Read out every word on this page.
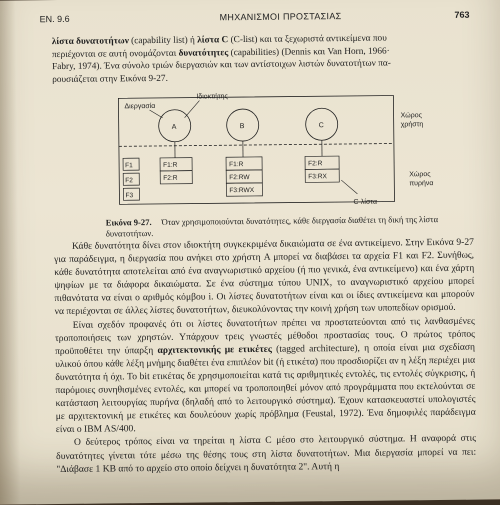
ΕΝ. 9.6	ΜΗΧΑΝΙΣΜΟΙ ΠΡΟΣΤΑΣΙΑΣ	763
λίστα δυνατοτήτων (capability list) ή λίστα C (C-list) και τα ξεχωριστά αντικείμενα που
περιέχονται σε αυτή ονομάζονται δυνατότητες (capabilities) (Dennis και Van Horn, 1966·
Fabry, 1974). Ένα σύνολο τριών διεργασιών και των αντίστοιχων λιστών δυνατοτήτων πα-
ρουσιάζεται στην Εικόνα 9-27.
Διεργασία
Ιδιοκτήτης
A	B	C
Χώρος
χρήστη
Χώρος
πυρήνα
F1
F2
F3
F1:R
F2:R
F1:R
F2:RW
F3:RWX
F2:R
F3:RX
C-λίστα
Εικόνα 9-27. Όταν χρησιμοποιούνται δυνατότητες, κάθε διεργασία διαθέτει τη δική της λίστα δυνατοτήτων.

Κάθε δυνατότητα δίνει στον ιδιοκτήτη συγκεκριμένα δικαιώματα σε ένα αντικείμενο. Στην Εικόνα 9-27 για παράδειγμα, η διεργασία που ανήκει στο χρήστη A μπορεί να διαβάσει τα αρχεία F1 και F2. Συνήθως, κάθε δυνατότητα αποτελείται από ένα αναγνωριστικό αρχείου (ή πιο γενικά, ένα αντικείμενο) και ένα χάρτη ψηφίων με τα διάφορα δικαιώματα. Σε ένα σύστημα τύπου UNIX, το αναγνωριστικό αρχείου μπορεί πιθανότατα να είναι ο αριθμός κόμβου i. Οι λίστες δυνατοτήτων είναι και οι ίδιες αντικείμενα και μπορούν να περιέχονται σε άλλες λίστες δυνατοτήτων, διευκολύνοντας την κοινή χρήση των υποπεδίων ορισμού.

Είναι σχεδόν προφανές ότι οι λίστες δυνατοτήτων πρέπει να προστατεύονται από τις λανθασμένες τροποποιήσεις των χρηστών. Υπάρχουν τρεις γνωστές μέθοδοι προστασίας τους. Ο πρώτος τρόπος προϋποθέτει την ύπαρξη αρχιτεκτονικής με ετικέτες (tagged architecture), η οποία είναι μια σχεδίαση υλικού όπου κάθε λέξη μνήμης διαθέτει ένα επιπλέον bit (ή ετικέτα) που προσδιορίζει αν η λέξη περιέχει μια δυνατότητα ή όχι. Το bit ετικέτας δε χρησιμοποιείται κατά τις αριθμητικές εντολές, τις εντολές σύγκρισης, ή παρόμοιες συνηθισμένες εντολές, και μπορεί να τροποποιηθεί μόνον από προγράμματα που εκτελούνται σε κατάσταση λειτουργίας πυρήνα (δηλαδή από το λειτουργικό σύστημα). Έχουν κατασκευαστεί υπολογιστές με αρχιτεκτονική με ετικέτες και δουλεύουν χωρίς πρόβλημα (Feustal, 1972). Ένα δημοφιλές παράδειγμα είναι ο IBM AS/400.

Ο δεύτερος τρόπος είναι να τηρείται η λίστα C μέσο στο λειτουργικό σύστημα. Η αναφορά στις δυνατότητες γίνεται τότε μέσω της θέσης τους στη λίστα δυνατοτήτων. Μια διεργασία μπορεί να πει: "Διάβασε 1 KB από το αρχείο στο οποίο δείχνει η δυνατότητα 2". Αυτή η
